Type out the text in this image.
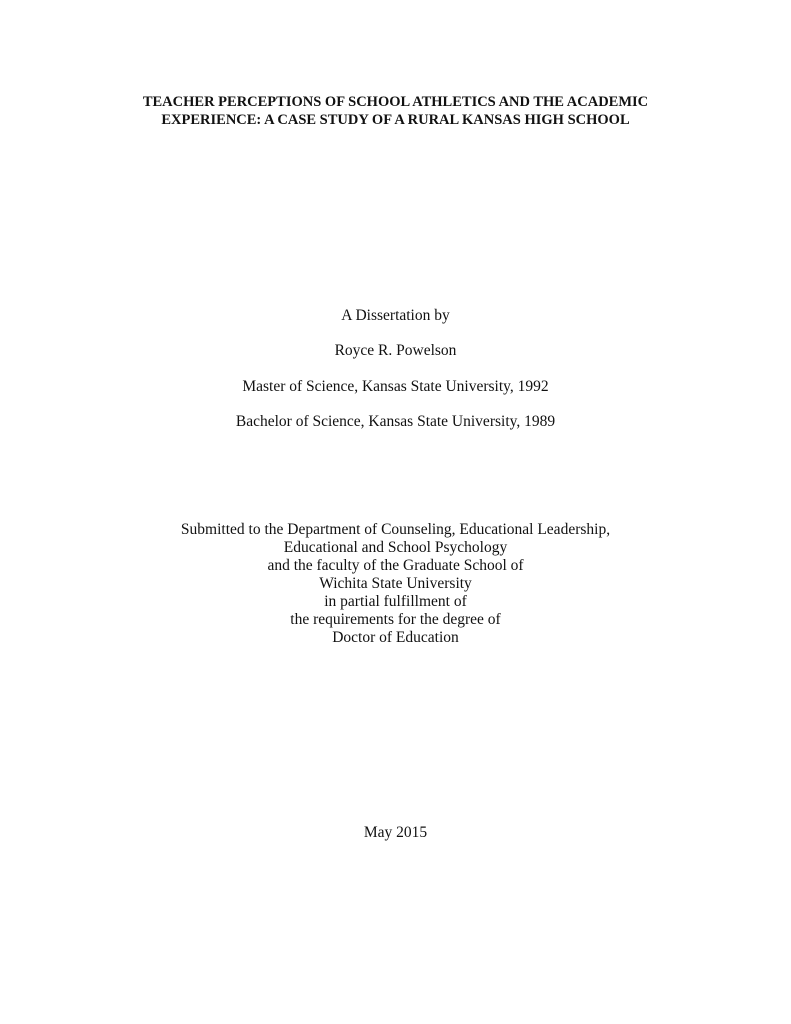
TEACHER PERCEPTIONS OF SCHOOL ATHLETICS AND THE ACADEMIC
EXPERIENCE: A CASE STUDY OF A RURAL KANSAS HIGH SCHOOL
A Dissertation by
Royce R. Powelson
Master of Science, Kansas State University, 1992
Bachelor of Science, Kansas State University, 1989
Submitted to the Department of Counseling, Educational Leadership,
Educational and School Psychology
and the faculty of the Graduate School of
Wichita State University
in partial fulfillment of
the requirements for the degree of
Doctor of Education
May 2015
